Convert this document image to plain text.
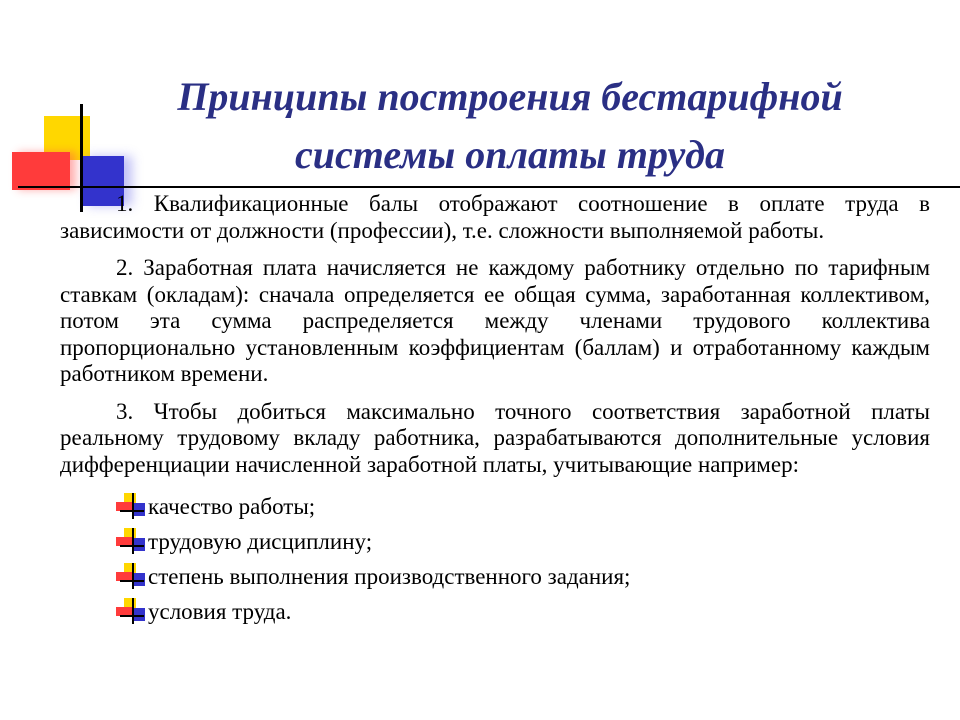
Принципы построения бестарифной системы оплаты труда

1. Квалификационные балы отображают соотношение в оплате труда в зависимости от должности (профессии), т.е. сложности выполняемой работы.

2. Заработная плата начисляется не каждому работнику отдельно по тарифным ставкам (окладам): сначала определяется ее общая сумма, заработанная коллективом, потом эта сумма распределяется между членами трудового коллектива пропорционально установленным коэффициентам (баллам) и отработанному каждым работником времени.

3. Чтобы добиться максимально точного соответствия заработной платы реальному трудовому вкладу работника, разрабатываются дополнительные условия дифференциации начисленной заработной платы, учитывающие например:

качество работы;
трудовую дисциплину;
степень выполнения производственного задания;
условия труда.
